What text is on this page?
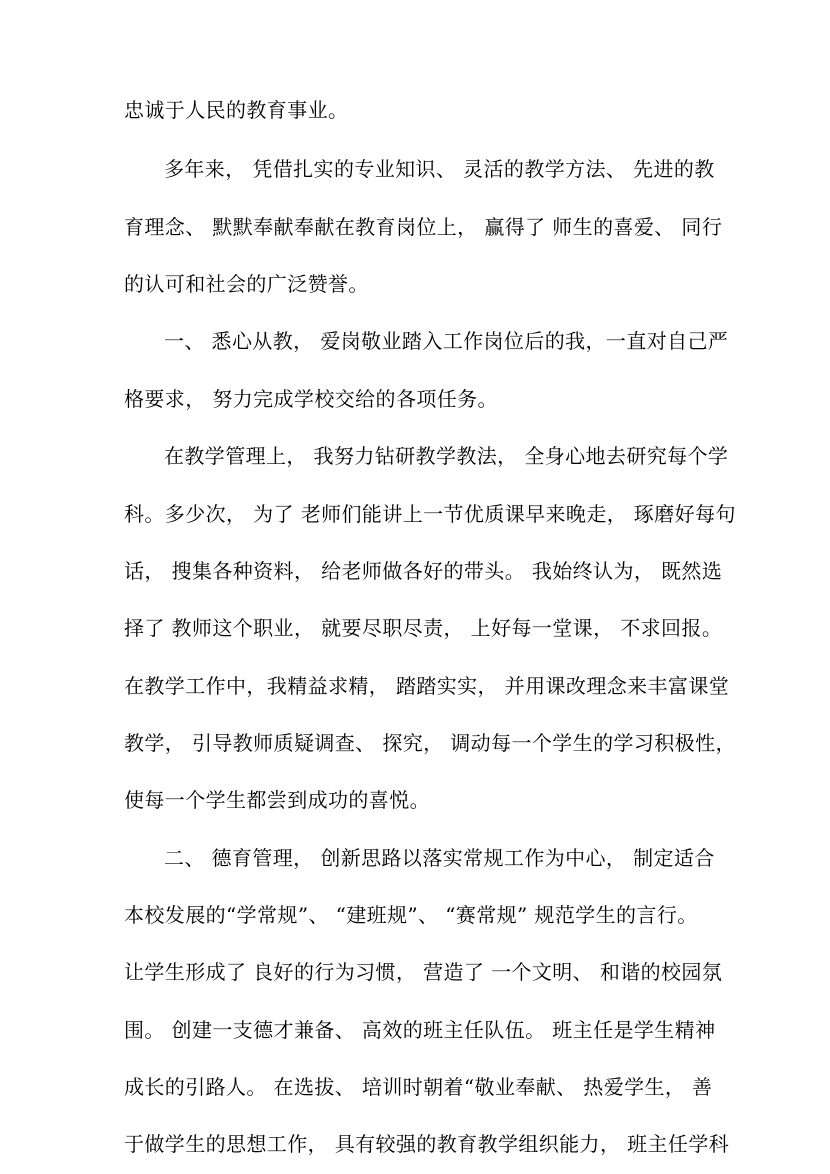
忠诚于人民的教育事业。
多年来， 凭借扎实的专业知识、 灵活的教学方法、 先进的教
育理念、 默默奉献奉献在教育岗位上， 赢得了 师生的喜爱、 同行
的认可和社会的广泛赞誉。
一、 悉心从教， 爱岗敬业踏入工作岗位后的我，一直对自己严
格要求， 努力完成学校交给的各项任务。
在教学管理上， 我努力钻研教学教法， 全身心地去研究每个学
科。多少次， 为了 老师们能讲上一节优质课早来晚走， 琢磨好每句
话， 搜集各种资料， 给老师做各好的带头。 我始终认为， 既然选
择了 教师这个职业， 就要尽职尽责， 上好每一堂课， 不求回报。
在教学工作中，我精益求精， 踏踏实实， 并用课改理念来丰富课堂
教学， 引导教师质疑调查、 探究， 调动每一个学生的学习积极性，
使每一个学生都尝到成功的喜悦。
二、 德育管理， 创新思路以落实常规工作为中心， 制定适合
本校发展的“学常规”、 “建班规”、 “赛常规” 规范学生的言行。
让学生形成了 良好的行为习惯， 营造了 一个文明、 和谐的校园氛
围。 创建一支德才兼备、 高效的班主任队伍。 班主任是学生精神
成长的引路人。 在选拔、 培训时朝着“敬业奉献、 热爱学生， 善
于做学生的思想工作， 具有较强的教育教学组织能力， 班主任学科
